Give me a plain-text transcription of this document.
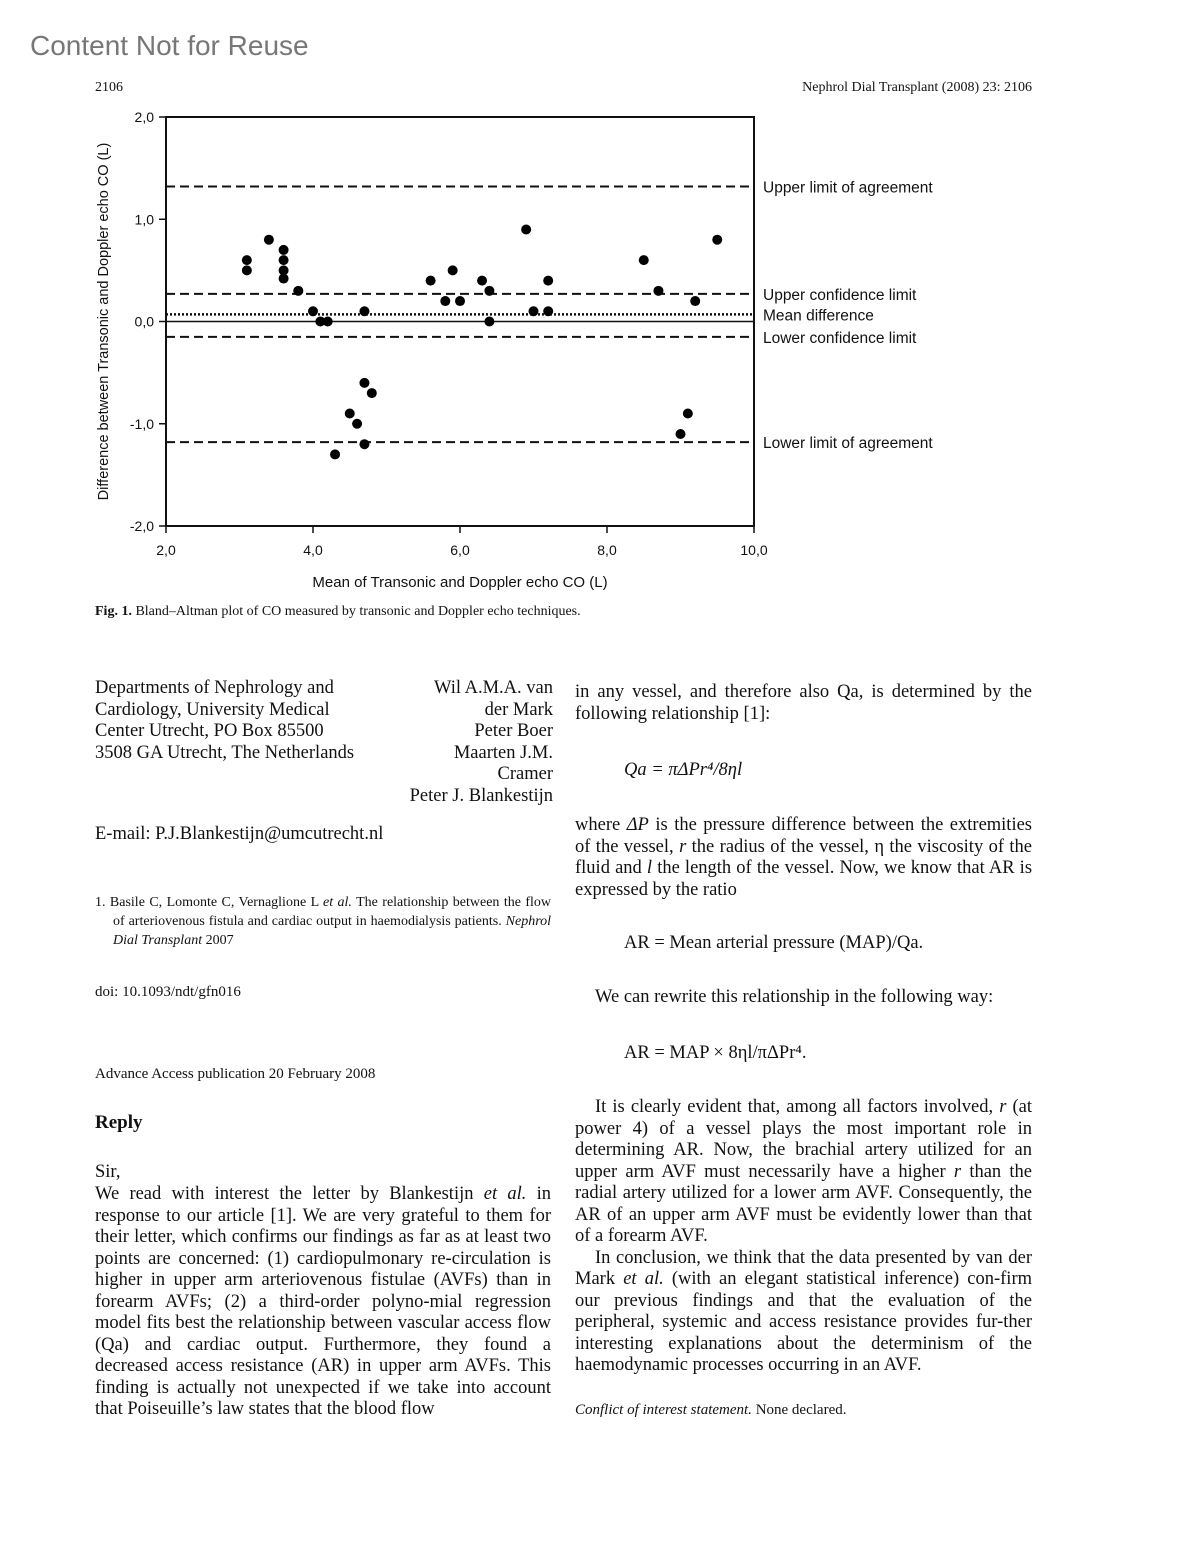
Content Not for Reuse
2106	Nephrol Dial Transplant (2008) 23: 2106
Upper limit of agreement
Upper confidence limit
Mean difference
Lower confidence limit
Lower limit of agreement
2,0
1,0
0,0
-1,0
-2,0
2,0	4,0	6,0	8,0	10,0
Mean of Transonic and Doppler echo CO (L)
Difference between Transonic and Doppler echo CO (L)
Fig. 1. Bland–Altman plot of CO measured by transonic and Doppler echo techniques.
Departments of Nephrology and
Cardiology, University Medical
Center Utrecht, PO Box 85500
3508 GA Utrecht, The Netherlands
Wil A.M.A. van
der Mark
Peter Boer
Maarten J.M.
Cramer
Peter J. Blankestijn
E-mail: P.J.Blankestijn@umcutrecht.nl
1. Basile C, Lomonte C, Vernaglione L et al. The relationship between the flow of arteriovenous fistula and cardiac output in haemodialysis patients. Nephrol Dial Transplant 2007
doi: 10.1093/ndt/gfn016
Advance Access publication 20 February 2008
Reply
Sir,
We read with interest the letter by Blankestijn et al. in response to our article [1]. We are very grateful to them for their letter, which confirms our findings as far as at least two points are concerned: (1) cardiopulmonary re-circulation is higher in upper arm arteriovenous fistulae (AVFs) than in forearm AVFs; (2) a third-order polyno-mial regression model fits best the relationship between vascular access flow (Qa) and cardiac output. Furthermore, they found a decreased access resistance (AR) in upper arm AVFs. This finding is actually not unexpected if we take into account that Poiseuille’s law states that the blood flow
in any vessel, and therefore also Qa, is determined by the following relationship [1]:
Qa = πΔPr⁴/8ηl
where ΔP is the pressure difference between the extremities of the vessel, r the radius of the vessel, η the viscosity of the fluid and l the length of the vessel. Now, we know that AR is expressed by the ratio
AR = Mean arterial pressure (MAP)/Qa.
We can rewrite this relationship in the following way:
AR = MAP × 8ηl/πΔPr⁴.
It is clearly evident that, among all factors involved, r (at power 4) of a vessel plays the most important role in determining AR. Now, the brachial artery utilized for an upper arm AVF must necessarily have a higher r than the radial artery utilized for a lower arm AVF. Consequently, the AR of an upper arm AVF must be evidently lower than that of a forearm AVF.
In conclusion, we think that the data presented by van der Mark et al. (with an elegant statistical inference) con-firm our previous findings and that the evaluation of the peripheral, systemic and access resistance provides fur-ther interesting explanations about the determinism of the haemodynamic processes occurring in an AVF.
Conflict of interest statement. None declared.
